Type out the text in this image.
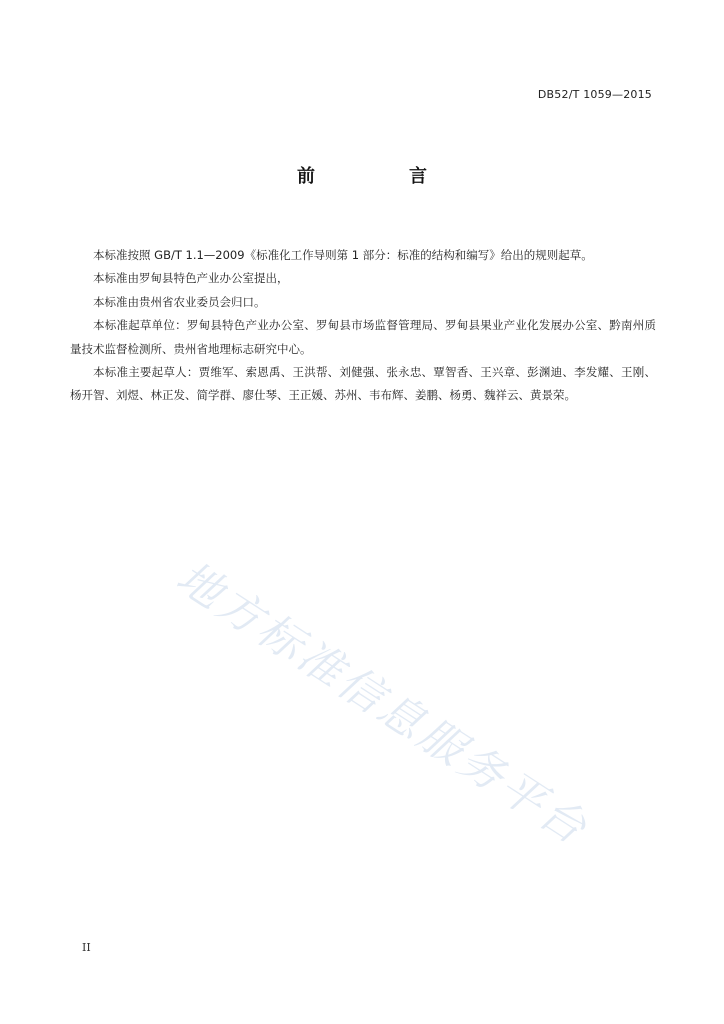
DB52/T 1059—2015
前　言

本标准按照 GB/T 1.1—2009《标准化工作导则第 1 部分：标准的结构和编写》给出的规则起草。

本标准由罗甸县特色产业办公室提出，

本标准由贵州省农业委员会归口。

本标准起草单位：罗甸县特色产业办公室、罗甸县市场监督管理局、罗甸县果业产业化发展办公室、黔南州质量技术监督检测所、贵州省地理标志研究中心。

本标准主要起草人：贾维军、索恩禹、王洪帮、刘健强、张永忠、覃智香、王兴章、彭渊迪、李发耀、王刚、杨开智、刘煜、林正发、简学群、廖仕琴、王正媛、苏州、韦布辉、姜鹏、杨勇、魏祥云、黄景荣。

地方标准信息服务平台
II
